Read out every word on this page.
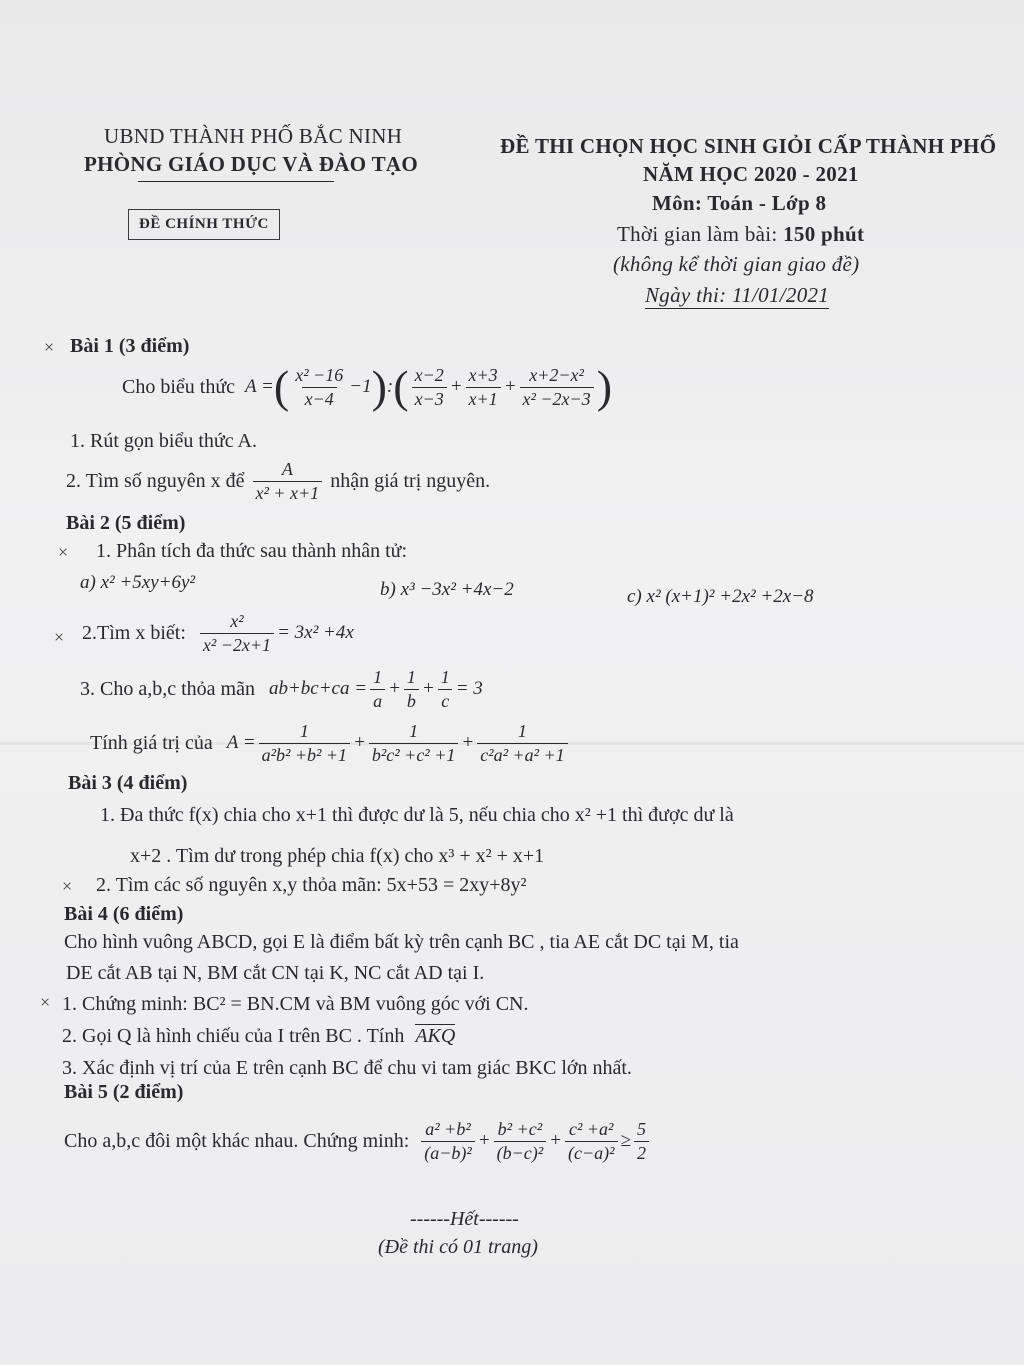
UBND THÀNH PHỐ BẮC NINH
PHÒNG GIÁO DỤC VÀ ĐÀO TẠO
ĐỀ CHÍNH THỨC
ĐỀ THI CHỌN HỌC SINH GIỎI CẤP THÀNH PHỐ
NĂM HỌC 2020 - 2021
Môn: Toán - Lớp 8
Thời gian làm bài: 150 phút
(không kể thời gian giao đề)
Ngày thi: 11/01/2021
× Bài 1 (3 điểm)
Cho biểu thức A = ( $\frac{\text{x² −16}}{x-4} -1$ ) : ( $\frac{x-2}{x-3} + \frac{x+3}{x+1} + \frac{\text{x+2−x²}}{\text{x² −2x−3}}$ )
1. Rút gọn biểu thức A.
2. Tìm số nguyên x để $\frac{A}{\text{x² + x+1}}$ nhận giá trị nguyên.
Bài 2 (5 điểm)
× 1. Phân tích đa thức sau thành nhân tử:
a) x² +5xy+6y²	b) x³ −3x² +4x−2	c) x² (x+1)² +2x² +2x−8
× 2.Tìm x biết: $\frac{\text{x²}}{\text{x² −2x+1}} = 3x^2 +4x$
3. Cho a,b,c thỏa mãn $ab+bc+ca = \frac{1}{a} + \frac{1}{b} + \frac{1}{c} = 3$
Tính giá trị của $A = \frac{1}{\text{a²b² +b² +1}} + \frac{1}{\text{b²c² +c² +1}} + \frac{1}{\text{c²a² +a² +1}}$
Bài 3 (4 điểm)
1. Đa thức f(x) chia cho x+1 thì được dư là 5, nếu chia cho x² +1 thì được dư là
x+2 . Tìm dư trong phép chia f(x) cho x³ + x² + x+1
× 2. Tìm các số nguyên x,y thỏa mãn: 5x+53 = 2xy+8y²
Bài 4 (6 điểm)
Cho hình vuông ABCD, gọi E là điểm bất kỳ trên cạnh BC , tia AE cắt DC tại M, tia
DE cắt AB tại N, BM cắt CN tại K, NC cắt AD tại I.
× 1. Chứng minh: BC² = BN.CM và BM vuông góc với CN.
2. Gọi Q là hình chiếu của I trên BC . Tính AKQ
3. Xác định vị trí của E trên cạnh BC để chu vi tam giác BKC lớn nhất.
Bài 5 (2 điểm)
Cho a,b,c đôi một khác nhau. Chứng minh: $\frac{\text{a² +b²}}{\text{(a−b)²}} + \frac{\text{b² +c²}}{\text{(b−c)²}} + \frac{\text{c² +a²}}{\text{(c−a)²}} \ge \frac{5}{2}$
------Hết------
(Đề thi có 01 trang)
